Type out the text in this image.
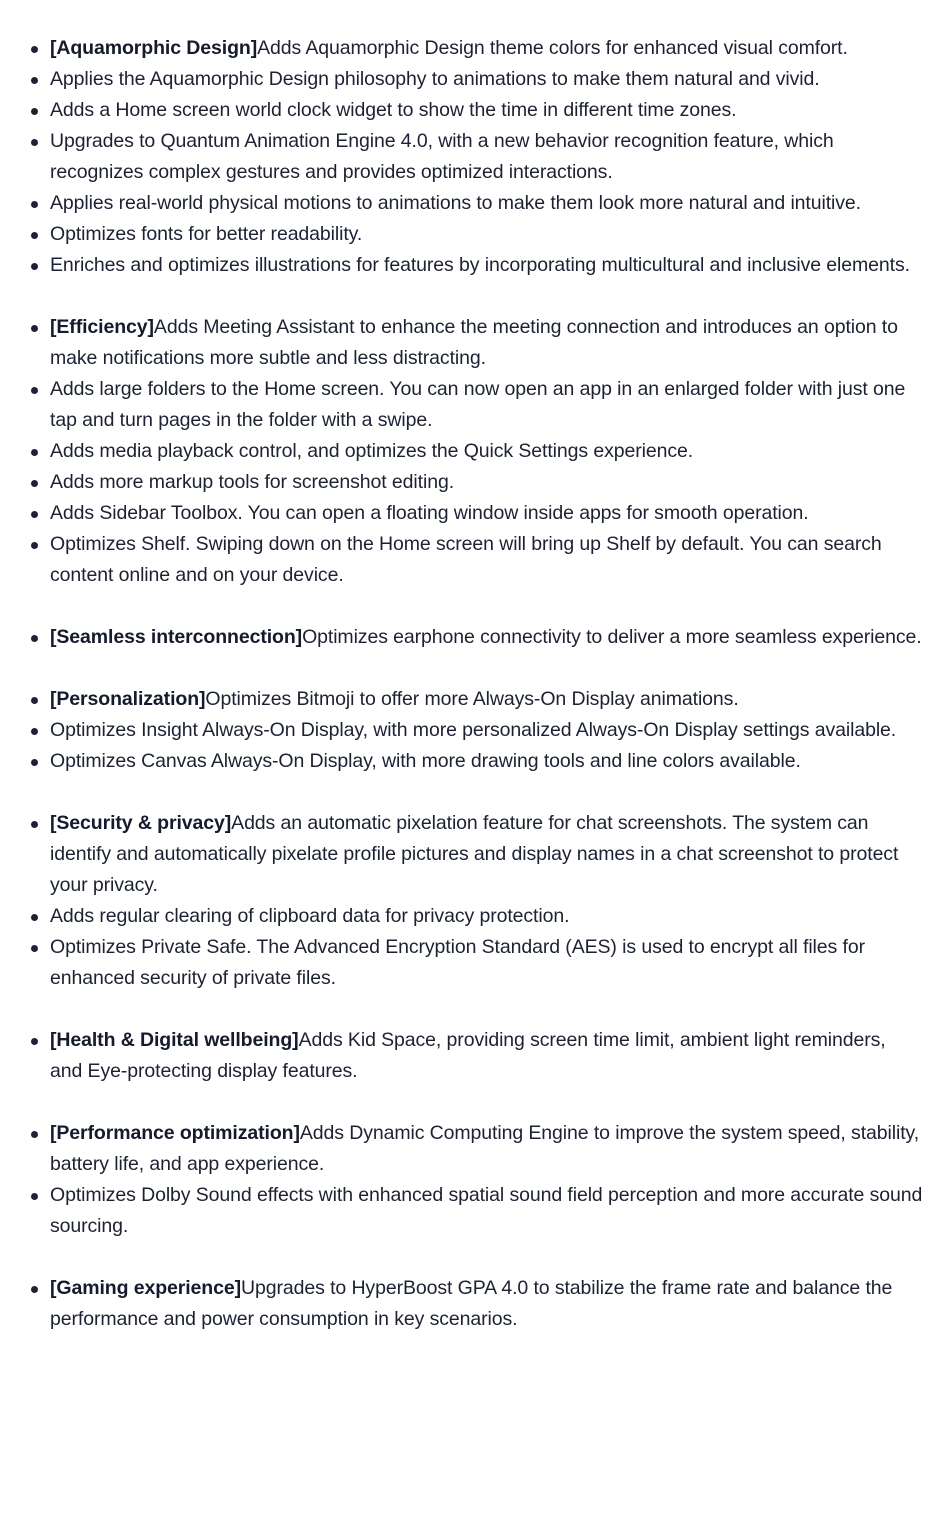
[Aquamorphic Design]Adds Aquamorphic Design theme colors for enhanced visual comfort.
Applies the Aquamorphic Design philosophy to animations to make them natural and vivid.
Adds a Home screen world clock widget to show the time in different time zones.
Upgrades to Quantum Animation Engine 4.0, with a new behavior recognition feature, which recognizes complex gestures and provides optimized interactions.
Applies real-world physical motions to animations to make them look more natural and intuitive.
Optimizes fonts for better readability.
Enriches and optimizes illustrations for features by incorporating multicultural and inclusive elements.
[Efficiency]Adds Meeting Assistant to enhance the meeting connection and introduces an option to make notifications more subtle and less distracting.
Adds large folders to the Home screen. You can now open an app in an enlarged folder with just one tap and turn pages in the folder with a swipe.
Adds media playback control, and optimizes the Quick Settings experience.
Adds more markup tools for screenshot editing.
Adds Sidebar Toolbox. You can open a floating window inside apps for smooth operation.
Optimizes Shelf. Swiping down on the Home screen will bring up Shelf by default. You can search content online and on your device.
[Seamless interconnection]Optimizes earphone connectivity to deliver a more seamless experience.
[Personalization]Optimizes Bitmoji to offer more Always-On Display animations.
Optimizes Insight Always-On Display, with more personalized Always-On Display settings available.
Optimizes Canvas Always-On Display, with more drawing tools and line colors available.
[Security & privacy]Adds an automatic pixelation feature for chat screenshots. The system can identify and automatically pixelate profile pictures and display names in a chat screenshot to protect your privacy.
Adds regular clearing of clipboard data for privacy protection.
Optimizes Private Safe. The Advanced Encryption Standard (AES) is used to encrypt all files for enhanced security of private files.
[Health & Digital wellbeing]Adds Kid Space, providing screen time limit, ambient light reminders, and Eye-protecting display features.
[Performance optimization]Adds Dynamic Computing Engine to improve the system speed, stability, battery life, and app experience.
Optimizes Dolby Sound effects with enhanced spatial sound field perception and more accurate sound sourcing.
[Gaming experience]Upgrades to HyperBoost GPA 4.0 to stabilize the frame rate and balance the performance and power consumption in key scenarios.
